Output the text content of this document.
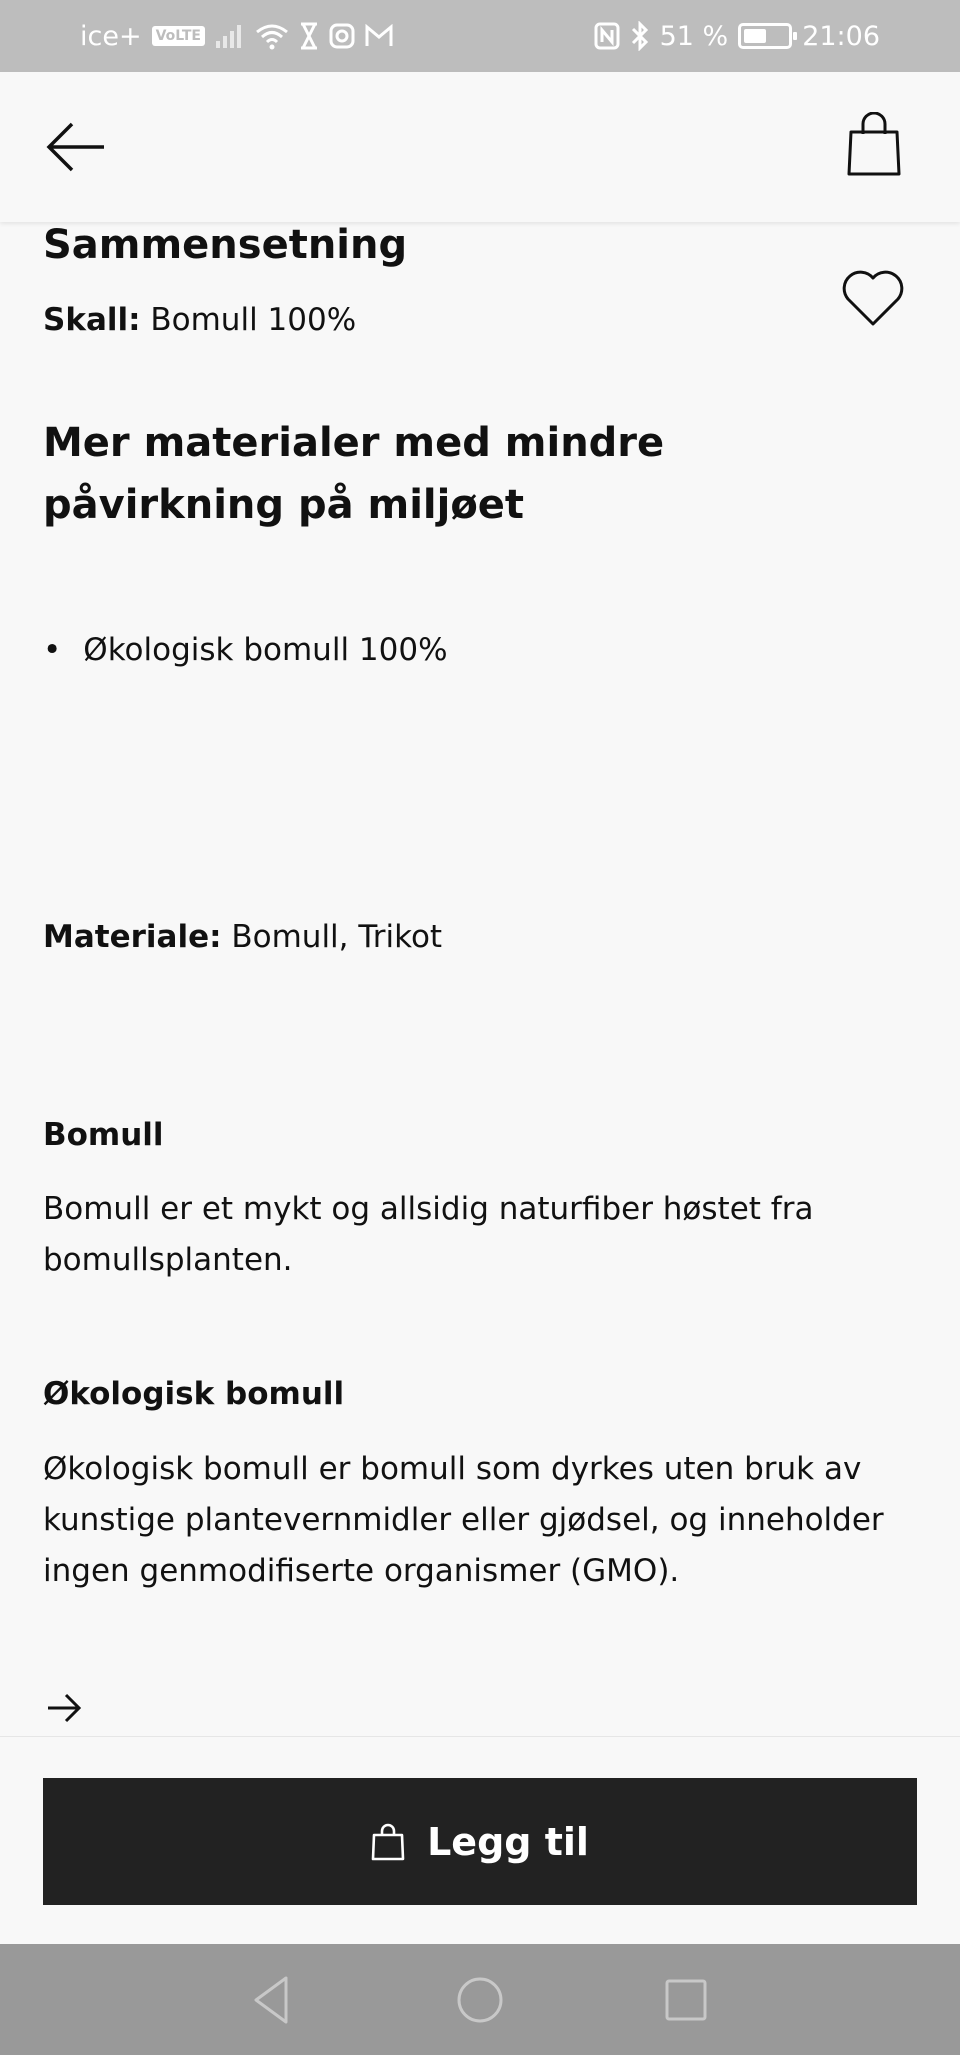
ice+ VoLTE	51 %	21:06
Sammensetning
Skall: Bomull 100%
Mer materialer med mindre påvirkning på miljøet
• Økologisk bomull 100%
Materiale: Bomull, Trikot
Bomull
Bomull er et mykt og allsidig naturfiber høstet fra bomullsplanten.
Økologisk bomull
Økologisk bomull er bomull som dyrkes uten bruk av kunstige plantevernmidler eller gjødsel, og inneholder ingen genmodifiserte organismer (GMO).
Legg til
